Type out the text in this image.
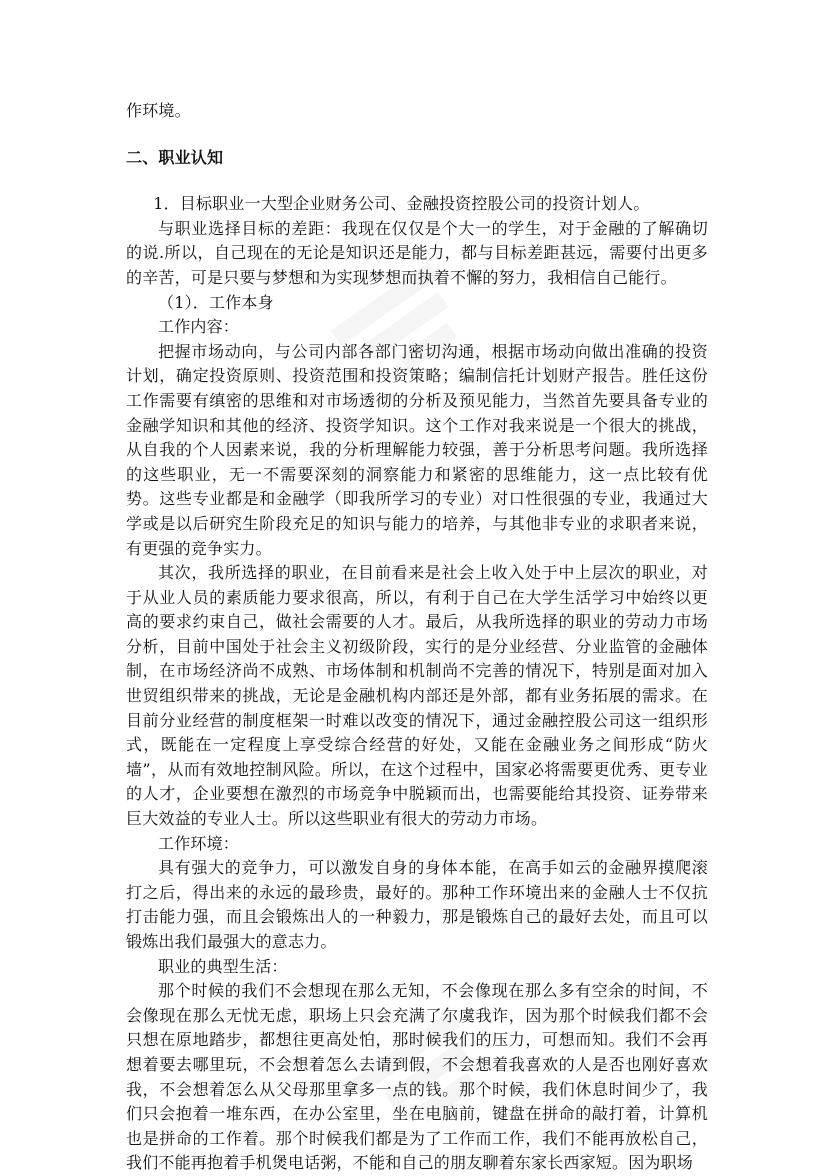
作环境。

二、职业认知

1．目标职业一大型企业财务公司、金融投资控股公司的投资计划人。

与职业选择目标的差距：我现在仅仅是个大一的学生，对于金融的了解确切的说.所以，自己现在的无论是知识还是能力，都与目标差距甚远，需要付出更多的辛苦，可是只要与梦想和为实现梦想而执着不懈的努力，我相信自己能行。

（1）．工作本身

工作内容：

把握市场动向，与公司内部各部门密切沟通，根据市场动向做出准确的投资计划，确定投资原则、投资范围和投资策略；编制信托计划财产报告。胜任这份工作需要有缜密的思维和对市场透彻的分析及预见能力，当然首先要具备专业的金融学知识和其他的经济、投资学知识。这个工作对我来说是一个很大的挑战，从自我的个人因素来说，我的分析理解能力较强，善于分析思考问题。我所选择的这些职业，无一不需要深刻的洞察能力和紧密的思维能力，这一点比较有优势。这些专业都是和金融学（即我所学习的专业）对口性很强的专业，我通过大学或是以后研究生阶段充足的知识与能力的培养，与其他非专业的求职者来说，有更强的竞争实力。

其次，我所选择的职业，在目前看来是社会上收入处于中上层次的职业，对于从业人员的素质能力要求很高，所以，有利于自己在大学生活学习中始终以更高的要求约束自己，做社会需要的人才。最后，从我所选择的职业的劳动力市场分析，目前中国处于社会主义初级阶段，实行的是分业经营、分业监管的金融体制，在市场经济尚不成熟、市场体制和机制尚不完善的情况下，特别是面对加入世贸组织带来的挑战，无论是金融机构内部还是外部，都有业务拓展的需求。在目前分业经营的制度框架一时难以改变的情况下，通过金融控股公司这一组织形式，既能在一定程度上享受综合经营的好处，又能在金融业务之间形成“防火墙”，从而有效地控制风险。所以，在这个过程中，国家必将需要更优秀、更专业的人才，企业要想在激烈的市场竞争中脱颖而出，也需要能给其投资、证券带来巨大效益的专业人士。所以这些职业有很大的劳动力市场。

工作环境：

具有强大的竞争力，可以激发自身的身体本能，在高手如云的金融界摸爬滚打之后，得出来的永远的最珍贵，最好的。那种工作环境出来的金融人士不仅抗打击能力强，而且会锻炼出人的一种毅力，那是锻炼自己的最好去处，而且可以锻炼出我们最强大的意志力。

职业的典型生活：

那个时候的我们不会想现在那么无知，不会像现在那么多有空余的时间，不会像现在那么无忧无虑，职场上只会充满了尔虞我诈，因为那个时候我们都不会只想在原地踏步，都想往更高处怕，那时候我们的压力，可想而知。我们不会再想着要去哪里玩，不会想着怎么去请到假，不会想着我喜欢的人是否也刚好喜欢我，不会想着怎么从父母那里拿多一点的钱。那个时候，我们休息时间少了，我们只会抱着一堆东西，在办公室里，坐在电脑前，键盘在拼命的敲打着，计算机也是拼命的工作着。那个时候我们都是为了工作而工作，我们不能再放松自己，我们不能再抱着手机煲电话粥，不能和自己的朋友聊着东家长西家短。因为职场
